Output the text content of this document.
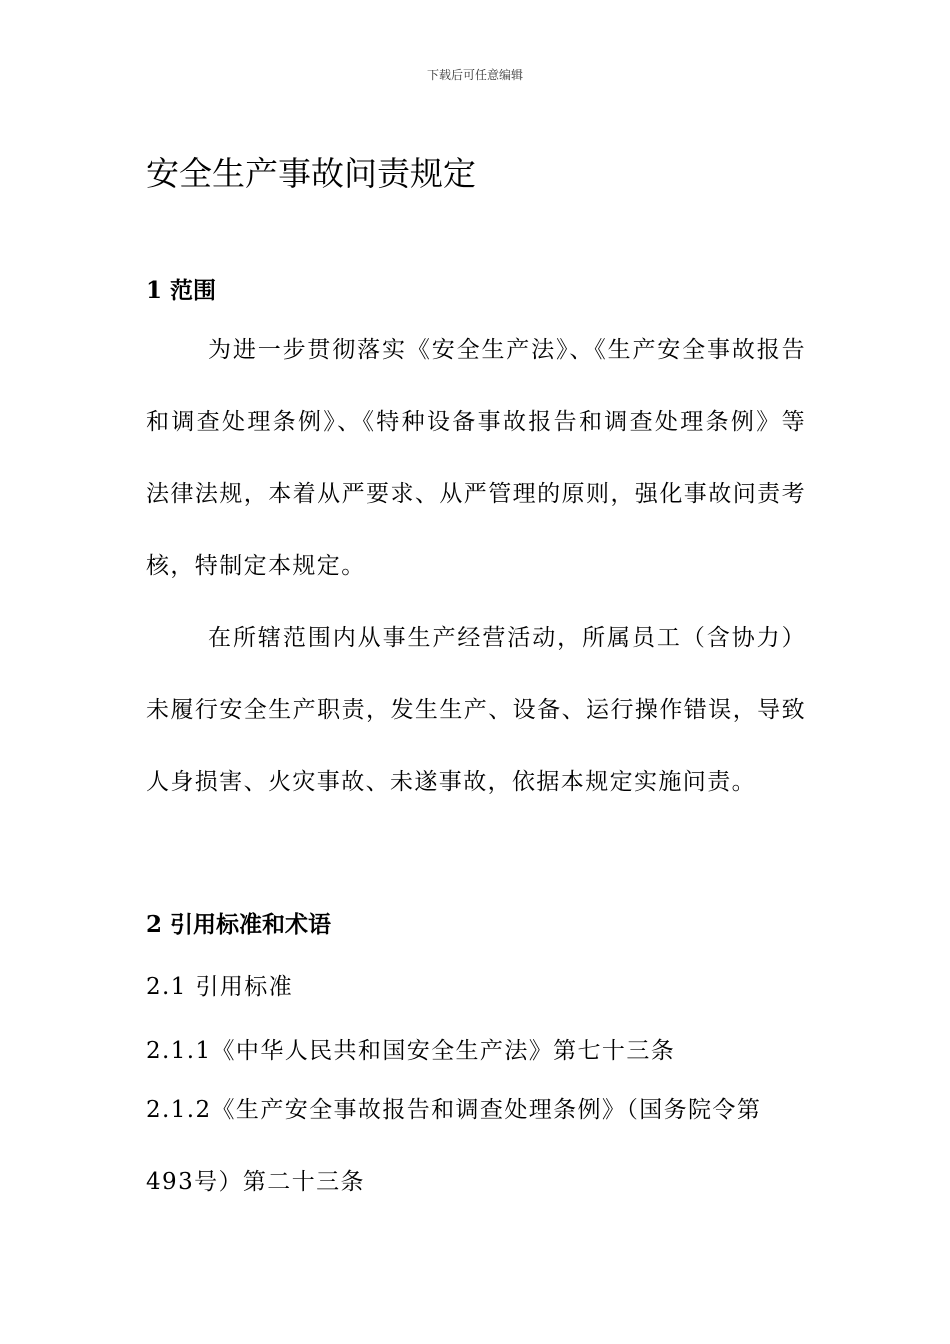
下载后可任意编辑
安全生产事故问责规定
1 范围

为进一步贯彻落实《安全生产法》、《生产安全事故报告和调查处理条例》、《特种设备事故报告和调查处理条例》等法律法规，本着从严要求、从严管理的原则，强化事故问责考核，特制定本规定。

在所辖范围内从事生产经营活动，所属员工（含协力）未履行安全生产职责，发生生产、设备、运行操作错误，导致人身损害、火灾事故、未遂事故，依据本规定实施问责。

2 引用标准和术语

2.1 引用标准

2.1.1《中华人民共和国安全生产法》第七十三条

2.1.2《生产安全事故报告和调查处理条例》（国务院令第493号）第二十三条
